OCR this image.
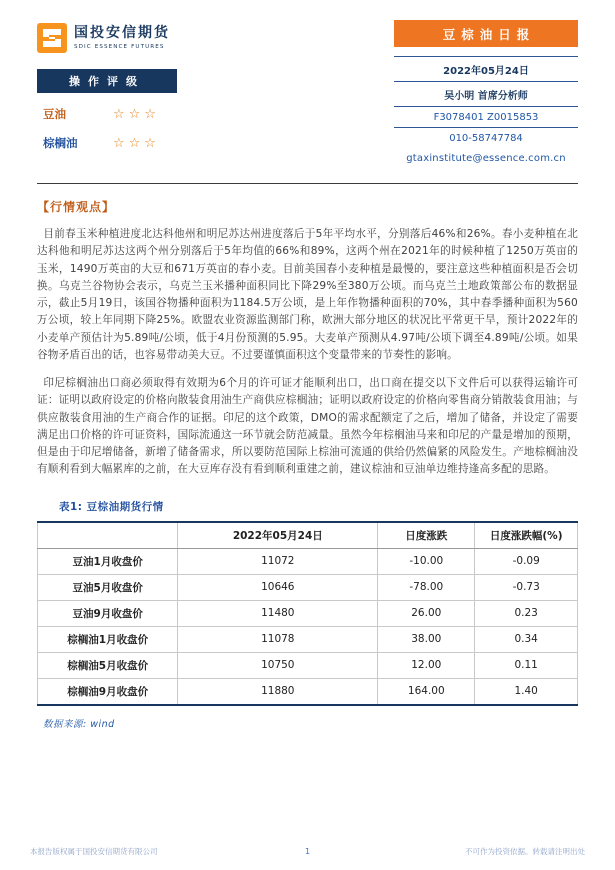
国投安信期货
SDIC ESSENCE FUTURES
操作评级
豆油	☆☆☆
棕榈油	☆☆☆
豆棕油日报
2022年05月24日
吴小明 首席分析师
F3078401 Z0015853
010-58747784
gtaxinstitute@essence.com.cn
【行情观点】

目前春玉米种植进度北达科他州和明尼苏达州进度落后于5年平均水平，分别落后46%和26%。春小麦种植在北达科他和明尼苏达这两个州分别落后于5年均值的66%和89%，这两个州在2021年的时候种植了1250万英亩的玉米，1490万英亩的大豆和671万英亩的春小麦。目前美国春小麦种植是最慢的，要注意这些种植面积是否会切换。乌克兰谷物协会表示，乌克兰玉米播种面积同比下降29%至380万公顷。而乌克兰土地政策部公布的数据显示，截止5月19日，该国谷物播种面积为1184.5万公顷，是上年作物播种面积的70%，其中春季播种面积为560万公顷，较上年同期下降25%。欧盟农业资源监测部门称，欧洲大部分地区的状况比平常更干旱，预计2022年的小麦单产预估计为5.89吨/公顷，低于4月份预测的5.95。大麦单产预测从4.97吨/公顷下调至4.89吨/公顷。如果谷物矛盾百出的话，也容易带动美大豆。不过要谨慎面积这个变量带来的节奏性的影响。

印尼棕榈油出口商必须取得有效期为6个月的许可证才能顺利出口，出口商在提交以下文件后可以获得运输许可证：证明以政府设定的价格向散装食用油生产商供应棕榈油；证明以政府设定的价格向零售商分销散装食用油；与供应散装食用油的生产商合作的证据。印尼的这个政策，DMO的需求配额定了之后，增加了储备，并设定了需要满足出口价格的许可证资料，国际流通这一环节就会防范减量。虽然今年棕榈油马来和印尼的产量是增加的预期，但是由于印尼增储备，新增了储备需求，所以要防范国际上棕油可流通的供给仍然偏紧的风险发生。产地棕榈油没有顺利看到大幅累库的之前，在大豆库存没有看到顺利重建之前，建议棕油和豆油单边维持逢高多配的思路。

表1: 豆棕油期货行情
	2022年05月24日	日度涨跌	日度涨跌幅(%)
豆油1月收盘价	11072	-10.00	-0.09
豆油5月收盘价	10646	-78.00	-0.73
豆油9月收盘价	11480	26.00	0.23
棕榈油1月收盘价	11078	38.00	0.34
棕榈油5月收盘价	10750	12.00	0.11
棕榈油9月收盘价	11880	164.00	1.40
数据来源: wind
本报告版权属于国投安信期货有限公司	1	不可作为投资依据。转载请注明出处
